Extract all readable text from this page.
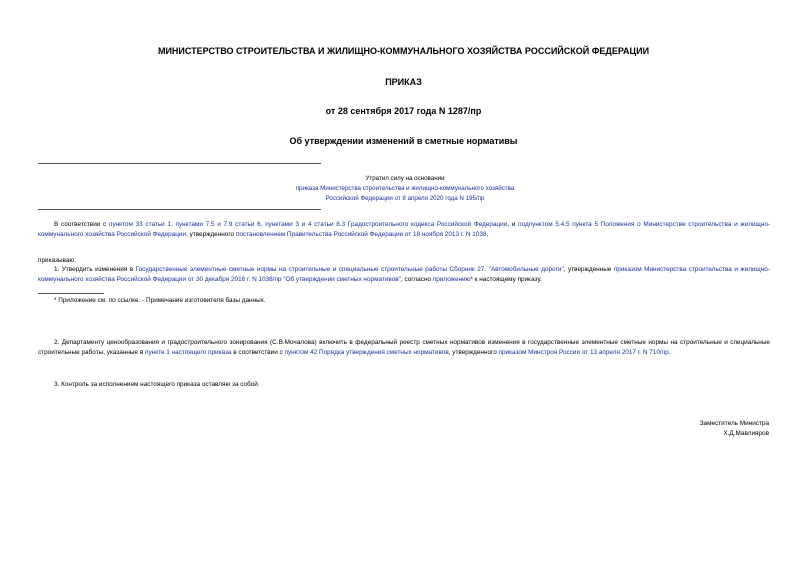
МИНИСТЕРСТВО СТРОИТЕЛЬСТВА И ЖИЛИЩНО-КОММУНАЛЬНОГО ХОЗЯЙСТВА РОССИЙСКОЙ ФЕДЕРАЦИИ
ПРИКАЗ
от 28 сентября 2017 года N 1287/пр
Об утверждении изменений в сметные нормативы
Утратил силу на основании
приказа Министерства строительства и жилищно-коммунального хозяйства
Российской Федерации от 8 апреля 2020 года N 195/пр
В соответствии с пунктом 33 статьи 1, пунктами 7.5 и 7.9 статьи 6, пунктами 3 и 4 статьи 8.3 Градостроительного кодекса Российской Федерации, и подпунктом 5.4.5 пункта 5 Положения о Министерстве строительства и жилищно-коммунального хозяйства Российской Федерации, утвержденного постановлением Правительства Российской Федерации от 18 ноября 2013 г. N 1038,
приказываю:
1. Утвердить изменения в Государственные элементные сметные нормы на строительные и специальные строительные работы Сборник 27. "Автомобильные дороги", утвержденные приказом Министерства строительства и жилищно-коммунального хозяйства Российской Федерации от 30 декабря 2016 г. N 1038/пр "Об утверждении сметных нормативов", согласно приложению* к настоящему приказу.
* Приложение см. по ссылке. - Примечание изготовителя базы данных.
2. Департаменту ценообразования и градостроительного зонирования (С.В.Мочалова) включить в федеральный реестр сметных нормативов изменения в государственные элементные сметные нормы на строительные и специальные строительные работы, указанные в пункте 1 настоящего приказа в соответствии с пунктом 42 Порядка утверждения сметных нормативов, утвержденного приказом Минстроя России от 13 апреля 2017 г. N 710/пр.
3. Контроль за исполнением настоящего приказа оставляю за собой.
Заместитель Министра
Х.Д.Мавлияров
